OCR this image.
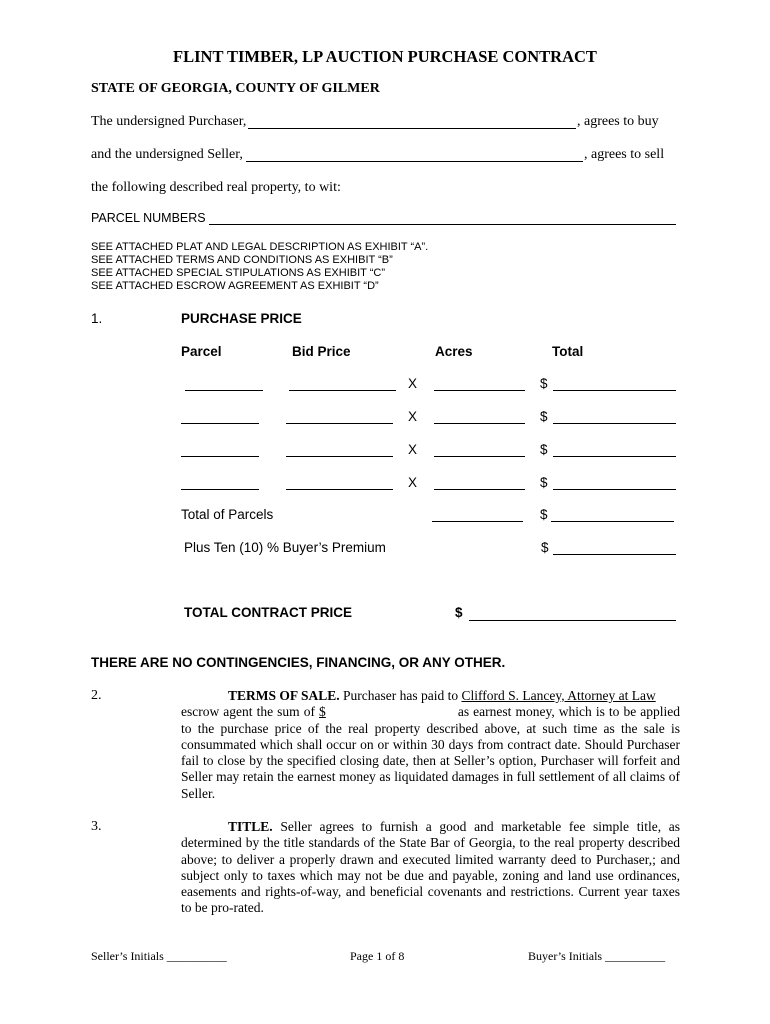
FLINT TIMBER, LP AUCTION PURCHASE CONTRACT
STATE OF GEORGIA, COUNTY OF GILMER
The undersigned Purchaser,	, agrees to buy
and the undersigned Seller,	, agrees to sell
the following described real property, to wit:
PARCEL NUMBERS
SEE ATTACHED PLAT AND LEGAL DESCRIPTION AS EXHIBIT “A”.
SEE ATTACHED TERMS AND CONDITIONS AS EXHIBIT “B”
SEE ATTACHED SPECIAL STIPULATIONS AS EXHIBIT “C”
SEE ATTACHED ESCROW AGREEMENT AS EXHIBIT “D”
1.	PURCHASE PRICE
Parcel	Bid Price	Acres	Total
X	$
X	$
X	$
X	$
Total of Parcels	$
Plus Ten (10) % Buyer’s Premium	$
TOTAL CONTRACT PRICE	$
THERE ARE NO CONTINGENCIES, FINANCING, OR ANY OTHER.
2.	TERMS OF SALE. Purchaser has paid to Clifford S. Lancey, Attorney at Law
escrow agent the sum of $	as earnest money, which is to be applied to the purchase price of the real property described above, at such time as the sale is consummated which shall occur on or within 30 days from contract date. Should Purchaser fail to close by the specified closing date, then at Seller’s option, Purchaser will forfeit and Seller may retain the earnest money as liquidated damages in full settlement of all claims of Seller.
3.	TITLE. Seller agrees to furnish a good and marketable fee simple title, as determined by the title standards of the State Bar of Georgia, to the real property described above; to deliver a properly drawn and executed limited warranty deed to Purchaser,; and subject only to taxes which may not be due and payable, zoning and land use ordinances, easements and rights-of-way, and beneficial covenants and restrictions. Current year taxes to be pro-rated.
Seller’s Initials __________	Page 1 of 8	Buyer’s Initials __________
